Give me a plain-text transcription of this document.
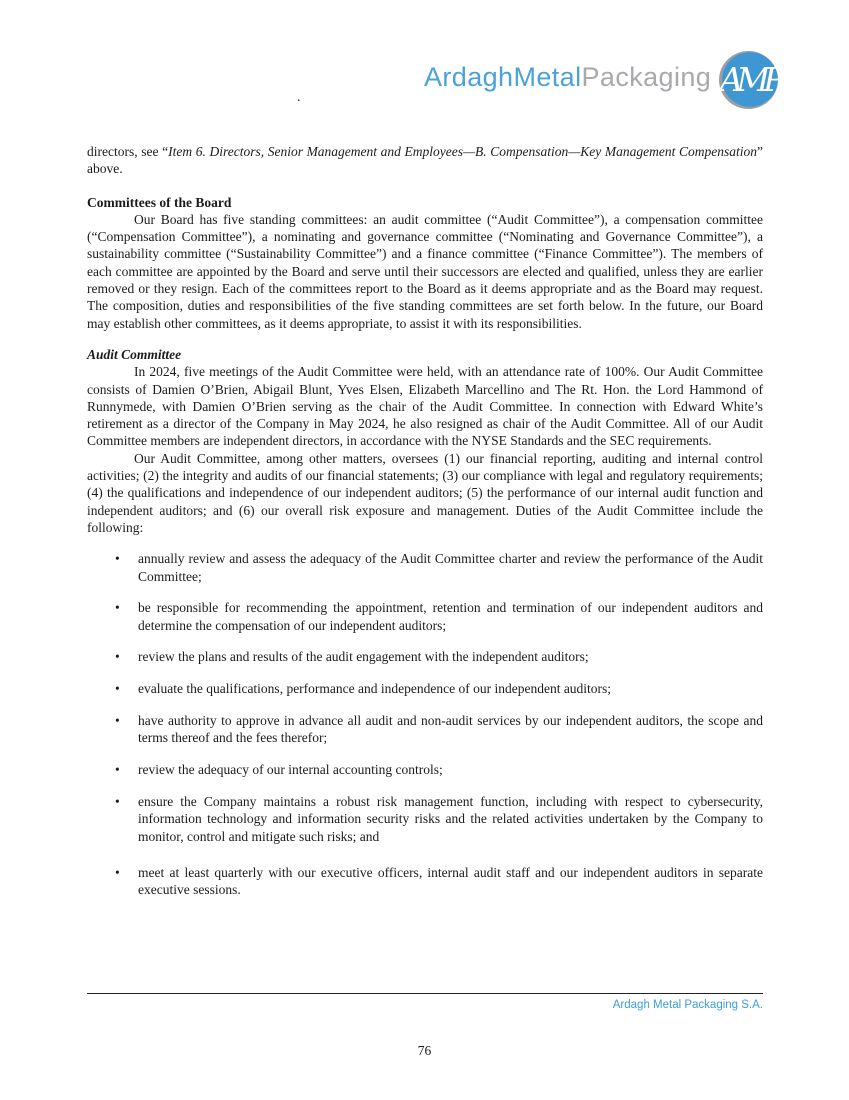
ArdaghMetalPackaging AMP
.

directors, see “Item 6. Directors, Senior Management and Employees—B. Compensation—Key Management Compensation” above.

Committees of the Board

Our Board has five standing committees: an audit committee (“Audit Committee”), a compensation committee (“Compensation Committee”), a nominating and governance committee (“Nominating and Governance Committee”), a sustainability committee (“Sustainability Committee”) and a finance committee (“Finance Committee”). The members of each committee are appointed by the Board and serve until their successors are elected and qualified, unless they are earlier removed or they resign. Each of the committees report to the Board as it deems appropriate and as the Board may request. The composition, duties and responsibilities of the five standing committees are set forth below. In the future, our Board may establish other committees, as it deems appropriate, to assist it with its responsibilities.

Audit Committee

In 2024, five meetings of the Audit Committee were held, with an attendance rate of 100%. Our Audit Committee consists of Damien O’Brien, Abigail Blunt, Yves Elsen, Elizabeth Marcellino and The Rt. Hon. the Lord Hammond of Runnymede, with Damien O’Brien serving as the chair of the Audit Committee. In connection with Edward White’s retirement as a director of the Company in May 2024, he also resigned as chair of the Audit Committee. All of our Audit Committee members are independent directors, in accordance with the NYSE Standards and the SEC requirements.

Our Audit Committee, among other matters, oversees (1) our financial reporting, auditing and internal control activities; (2) the integrity and audits of our financial statements; (3) our compliance with legal and regulatory requirements; (4) the qualifications and independence of our independent auditors; (5) the performance of our internal audit function and independent auditors; and (6) our overall risk exposure and management. Duties of the Audit Committee include the following:

• annually review and assess the adequacy of the Audit Committee charter and review the performance of the Audit Committee;
• be responsible for recommending the appointment, retention and termination of our independent auditors and determine the compensation of our independent auditors;
• review the plans and results of the audit engagement with the independent auditors;
• evaluate the qualifications, performance and independence of our independent auditors;
• have authority to approve in advance all audit and non-audit services by our independent auditors, the scope and terms thereof and the fees therefor;
• review the adequacy of our internal accounting controls;
• ensure the Company maintains a robust risk management function, including with respect to cybersecurity, information technology and information security risks and the related activities undertaken by the Company to monitor, control and mitigate such risks; and
• meet at least quarterly with our executive officers, internal audit staff and our independent auditors in separate executive sessions.
Ardagh Metal Packaging S.A.
76
